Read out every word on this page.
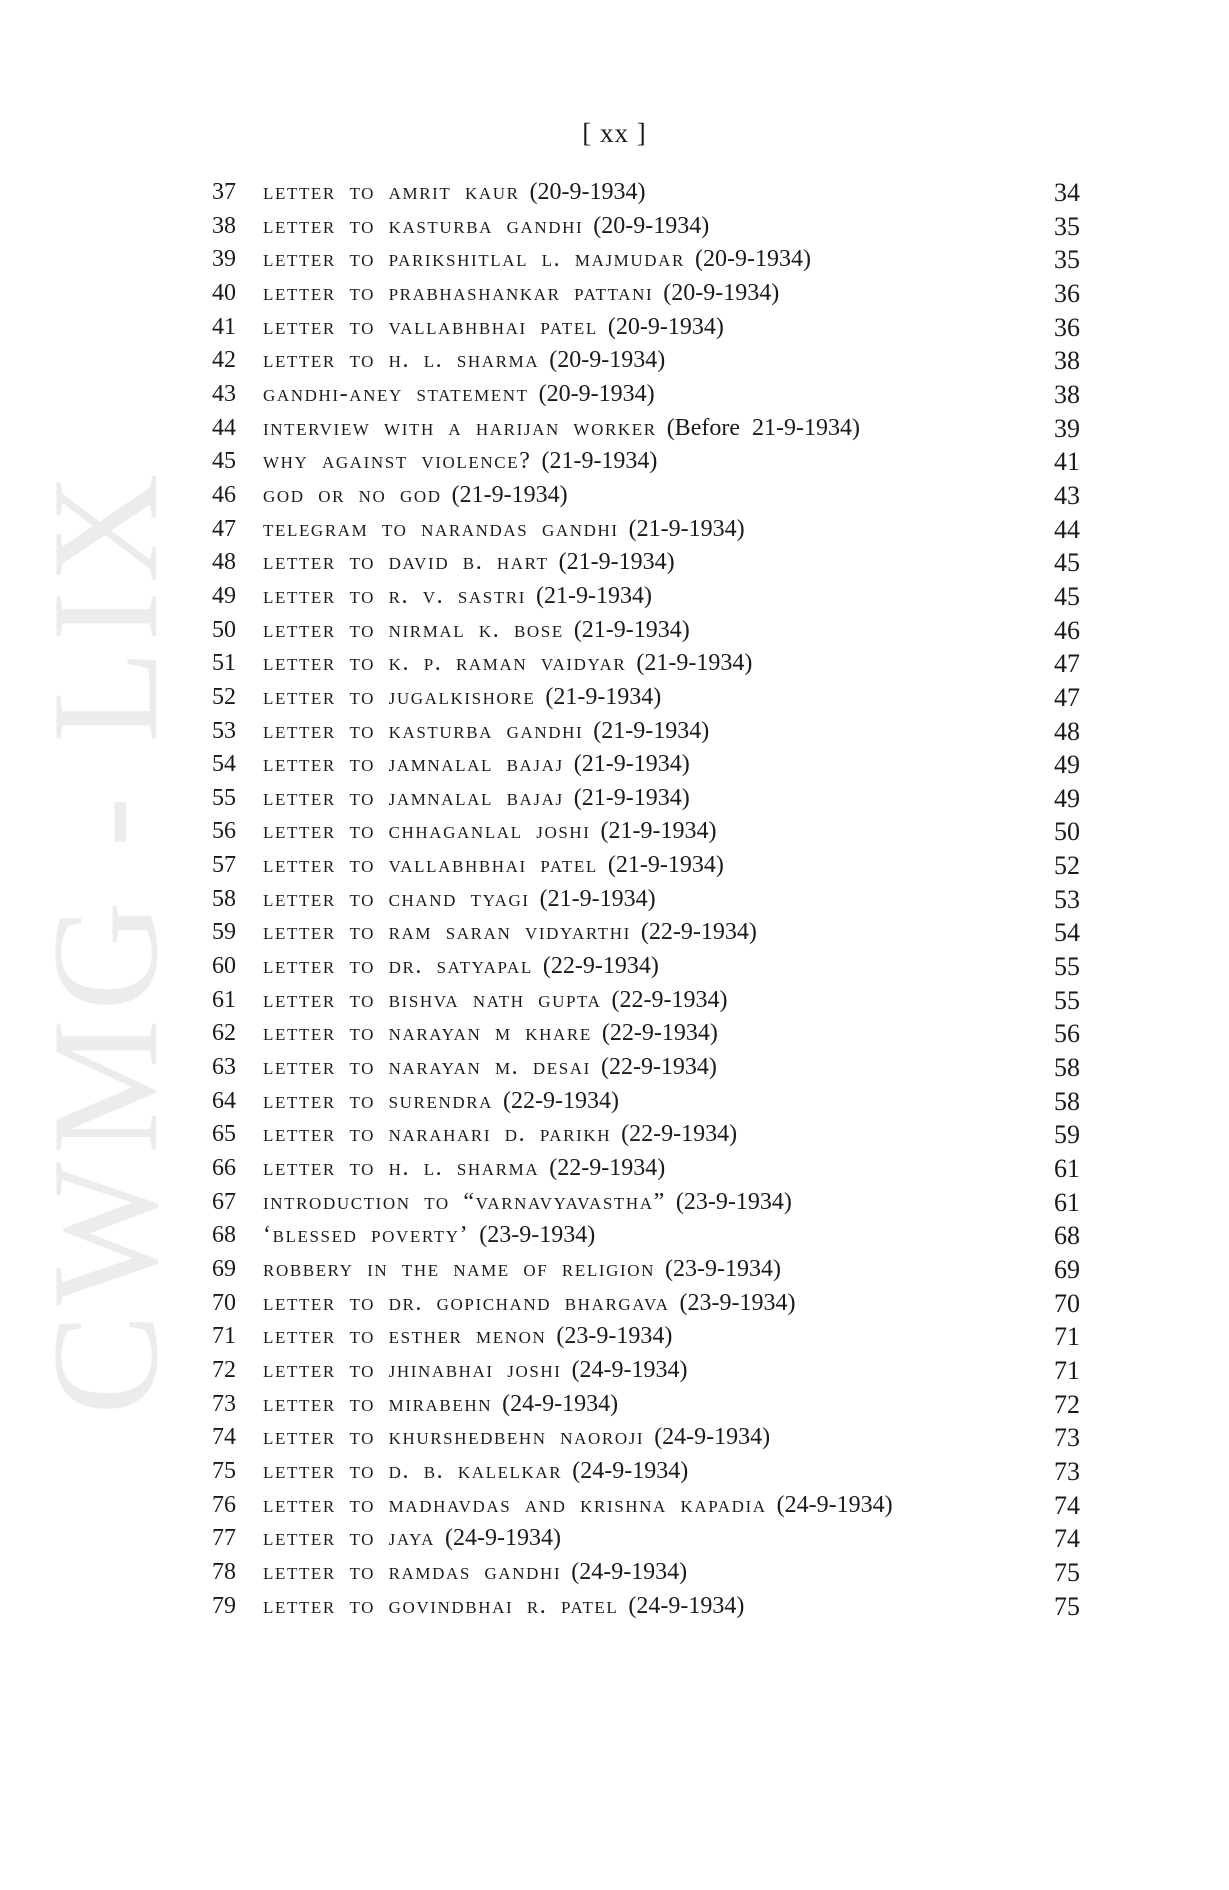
CWMG - LIX
[ xx ]
37 letter to amrit kaur (20-9-1934)	34
38 letter to kasturba gandhi (20-9-1934)	35
39 letter to parikshitlal l. majmudar (20-9-1934)	35
40 letter to prabhashankar pattani (20-9-1934)	36
41 letter to vallabhbhai patel (20-9-1934)	36
42 letter to h. l. sharma (20-9-1934)	38
43 gandhi-aney statement (20-9-1934)	38
44 interview with a harijan worker (Before 21-9-1934)	39
45 why against violence? (21-9-1934)	41
46 god or no god (21-9-1934)	43
47 telegram to narandas gandhi (21-9-1934)	44
48 letter to david b. hart (21-9-1934)	45
49 letter to r. v. sastri (21-9-1934)	45
50 letter to nirmal k. bose (21-9-1934)	46
51 letter to k. p. raman vaidyar (21-9-1934)	47
52 letter to jugalkishore (21-9-1934)	47
53 letter to kasturba gandhi (21-9-1934)	48
54 letter to jamnalal bajaj (21-9-1934)	49
55 letter to jamnalal bajaj (21-9-1934)	49
56 letter to chhaganlal joshi (21-9-1934)	50
57 letter to vallabhbhai patel (21-9-1934)	52
58 letter to chand tyagi (21-9-1934)	53
59 letter to ram saran vidyarthi (22-9-1934)	54
60 letter to dr. satyapal (22-9-1934)	55
61 letter to bishva nath gupta (22-9-1934)	55
62 letter to narayan m khare (22-9-1934)	56
63 letter to narayan m. desai (22-9-1934)	58
64 letter to surendra (22-9-1934)	58
65 letter to narahari d. parikh (22-9-1934)	59
66 letter to h. l. sharma (22-9-1934)	61
67 introduction to “varnavyavastha” (23-9-1934)	61
68 ‘blessed poverty’ (23-9-1934)	68
69 robbery in the name of religion (23-9-1934)	69
70 letter to dr. gopichand bhargava (23-9-1934)	70
71 letter to esther menon (23-9-1934)	71
72 letter to jhinabhai joshi (24-9-1934)	71
73 letter to mirabehn (24-9-1934)	72
74 letter to khurshedbehn naoroji (24-9-1934)	73
75 letter to d. b. kalelkar (24-9-1934)	73
76 letter to madhavdas and krishna kapadia (24-9-1934)	74
77 letter to jaya (24-9-1934)	74
78 letter to ramdas gandhi (24-9-1934)	75
79 letter to govindbhai r. patel (24-9-1934)	75
